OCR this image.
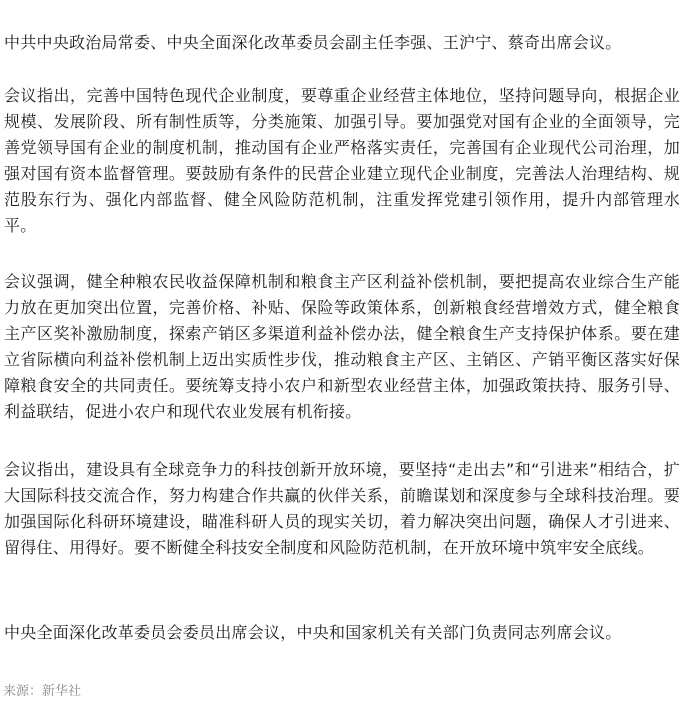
中共中央政治局常委、中央全面深化改革委员会副主任李强、王沪宁、蔡奇出席会议。

会议指出，完善中国特色现代企业制度，要尊重企业经营主体地位，坚持问题导向，根据企业规模、发展阶段、所有制性质等，分类施策、加强引导。要加强党对国有企业的全面领导，完善党领导国有企业的制度机制，推动国有企业严格落实责任，完善国有企业现代公司治理，加强对国有资本监督管理。要鼓励有条件的民营企业建立现代企业制度，完善法人治理结构、规范股东行为、强化内部监督、健全风险防范机制，注重发挥党建引领作用，提升内部管理水平。

会议强调，健全种粮农民收益保障机制和粮食主产区利益补偿机制，要把提高农业综合生产能力放在更加突出位置，完善价格、补贴、保险等政策体系，创新粮食经营增效方式，健全粮食主产区奖补激励制度，探索产销区多渠道利益补偿办法，健全粮食生产支持保护体系。要在建立省际横向利益补偿机制上迈出实质性步伐，推动粮食主产区、主销区、产销平衡区落实好保障粮食安全的共同责任。要统筹支持小农户和新型农业经营主体，加强政策扶持、服务引导、利益联结，促进小农户和现代农业发展有机衔接。

会议指出，建设具有全球竞争力的科技创新开放环境，要坚持“走出去”和“引进来”相结合，扩大国际科技交流合作，努力构建合作共赢的伙伴关系，前瞻谋划和深度参与全球科技治理。要加强国际化科研环境建设，瞄准科研人员的现实关切，着力解决突出问题，确保人才引进来、留得住、用得好。要不断健全科技安全制度和风险防范机制，在开放环境中筑牢安全底线。

中央全面深化改革委员会委员出席会议，中央和国家机关有关部门负责同志列席会议。

来源：新华社
